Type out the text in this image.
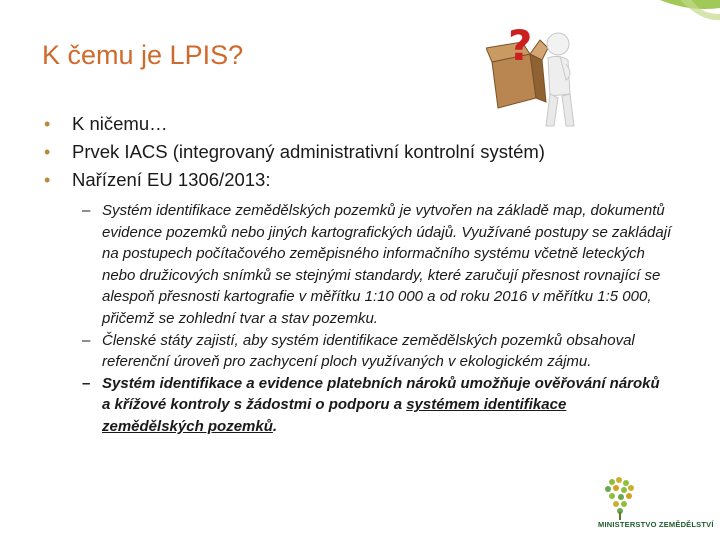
K čemu je LPIS?	?
• K ničemu…
• Prvek IACS (integrovaný administrativní kontrolní systém)
• Nařízení EU 1306/2013:
– Systém identifikace zemědělských pozemků je vytvořen na základě map, dokumentů evidence pozemků nebo jiných kartografických údajů. Využívané postupy se zakládají na postupech počítačového zeměpisného informačního systému včetně leteckých nebo družicových snímků se stejnými standardy, které zaručují přesnost rovnající se alespoň přesnosti kartografie v měřítku 1:10 000 a od roku 2016 v měřítku 1:5 000, přičemž se zohlední tvar a stav pozemku.
– Členské státy zajistí, aby systém identifikace zemědělských pozemků obsahoval referenční úroveň pro zachycení ploch využívaných v ekologickém zájmu.
– Systém identifikace a evidence platebních nároků umožňuje ověřování nároků a křížové kontroly s žádostmi o podporu a systémem identifikace zemědělských pozemků.
MINISTERSTVO ZEMĚDĚLSTVÍ
